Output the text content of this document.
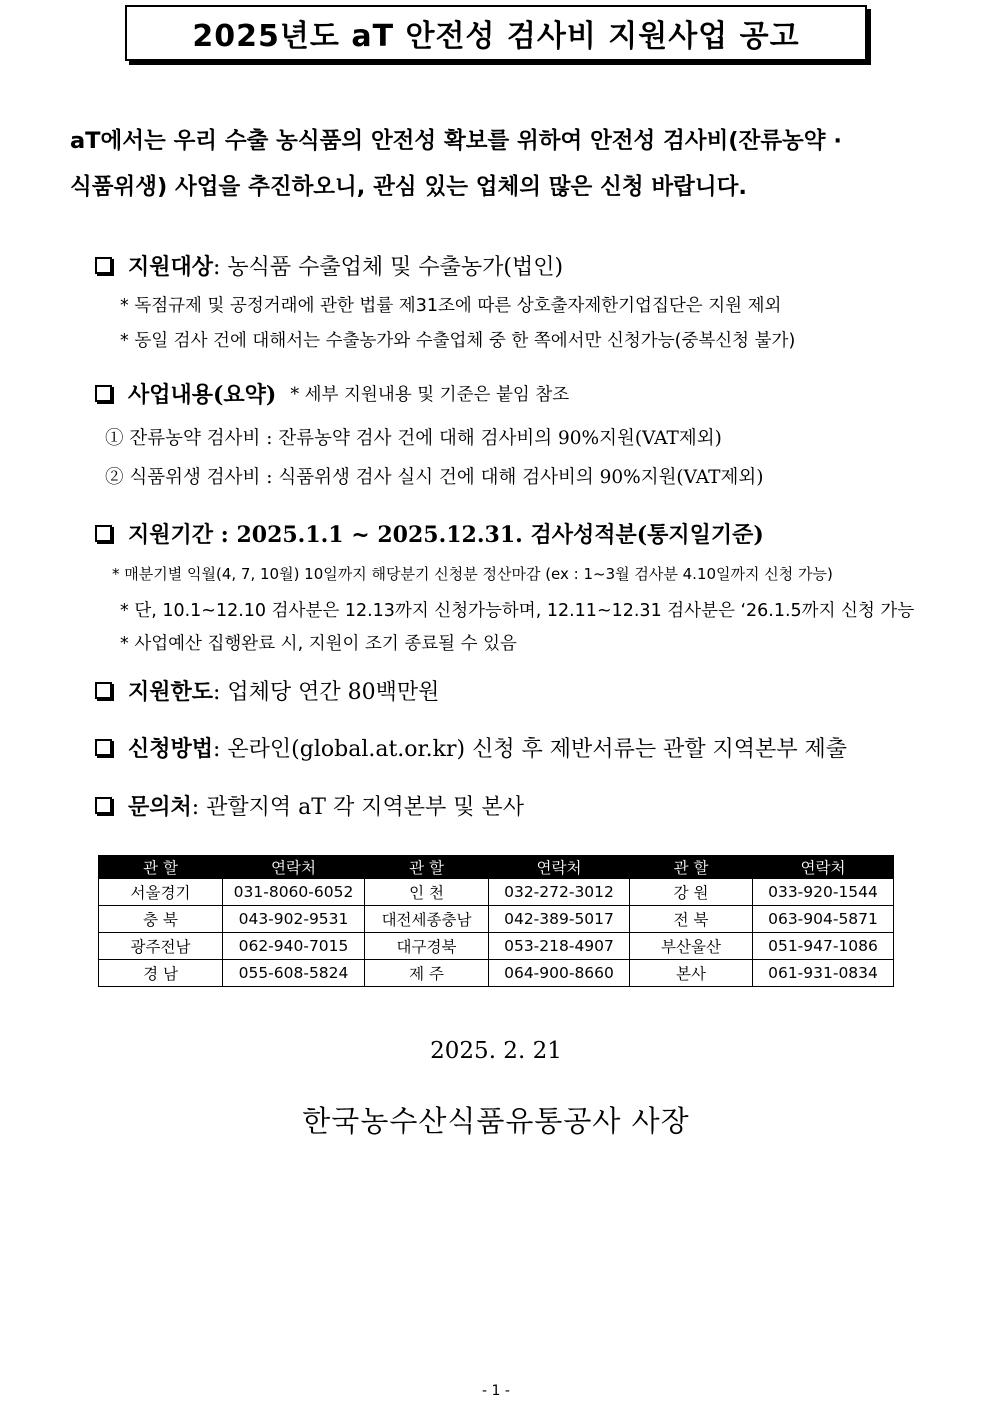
2025년도 aT 안전성 검사비 지원사업 공고
aT에서는 우리 수출 농식품의 안전성 확보를 위하여 안전성 검사비(잔류농약 ·
식품위생) 사업을 추진하오니, 관심 있는 업체의 많은 신청 바랍니다.
지원대상 : 농식품 수출업체 및 수출농가(법인)
* 독점규제 및 공정거래에 관한 법률 제31조에 따른 상호출자제한기업집단은 지원 제외
* 동일 검사 건에 대해서는 수출농가와 수출업체 중 한 쪽에서만 신청가능(중복신청 불가)
사업내용(요약) * 세부 지원내용 및 기준은 붙임 참조
① 잔류농약 검사비 : 잔류농약 검사 건에 대해 검사비의 90%지원(VAT제외)
② 식품위생 검사비 : 식품위생 검사 실시 건에 대해 검사비의 90%지원(VAT제외)
지원기간 : 2025.1.1 ~ 2025.12.31. 검사성적분(통지일기준)
* 매분기별 익월(4, 7, 10월) 10일까지 해당분기 신청분 정산마감 (ex : 1~3월 검사분 4.10일까지 신청 가능)
* 단, 10.1~12.10 검사분은 12.13까지 신청가능하며, 12.11~12.31 검사분은 ‘26.1.5까지 신청 가능
* 사업예산 집행완료 시, 지원이 조기 종료될 수 있음
지원한도 : 업체당 연간 80백만원
신청방법 : 온라인(global.at.or.kr) 신청 후 제반서류는 관할 지역본부 제출
문의처 : 관할지역 aT 각 지역본부 및 본사
관 할	연락처	관 할	연락처	관 할	연락처
서울경기	031-8060-6052	인 천	032-272-3012	강 원	033-920-1544
충 북	043-902-9531	대전세종충남	042-389-5017	전 북	063-904-5871
광주전남	062-940-7015	대구경북	053-218-4907	부산울산	051-947-1086
경 남	055-608-5824	제 주	064-900-8660	본사	061-931-0834
2025. 2. 21
한국농수산식품유통공사 사장
- 1 -
